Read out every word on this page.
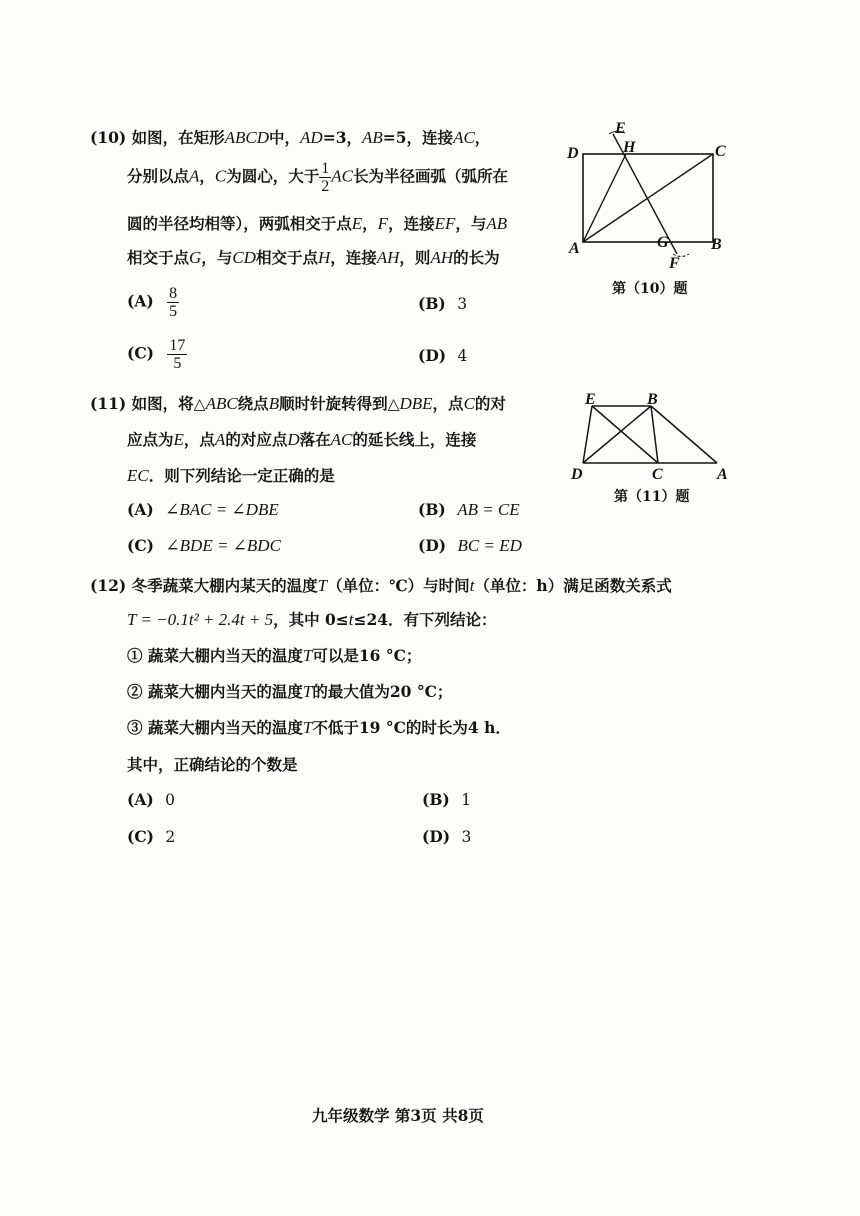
(10) 如图，在矩形ABCD中，AD=3，AB=5，连接AC，
分别以点A，C为圆心，大于 $\frac{1}{2}$ AC长为半径画弧（弧所在
圆的半径均相等），两弧相交于点E，F，连接EF，与AB
相交于点G，与CD相交于点H，连接AH，则AH的长为
$(A) \frac{8}{5}$	(B) 3
$(C) \frac{17}{5}$	(D) 4
E
D	H	C
A	G	B
F
第（10）题
(11) 如图，将△ABC绕点B顺时针旋转得到△DBE，点C的对
应点为E，点A的对应点D落在AC的延长线上，连接
EC．则下列结论一定正确的是
(A) ∠BAC = ∠DBE	(B) AB = CE
(C) ∠BDE = ∠BDC	(D) BC = ED
E	B
D	C	A
第（11）题
(12) 冬季蔬菜大棚内某天的温度T（单位：℃）与时间t（单位：h）满足函数关系式
T = −0.1t² + 2.4t + 5，其中 0≤t≤24．有下列结论：
① 蔬菜大棚内当天的温度T可以是16 °C；
② 蔬菜大棚内当天的温度T的最大值为20 °C；
③ 蔬菜大棚内当天的温度T不低于19 °C的时长为4 h．
其中，正确结论的个数是
(A) 0	(B) 1
(C) 2	(D) 3
九年级数学 第3页 共8页
